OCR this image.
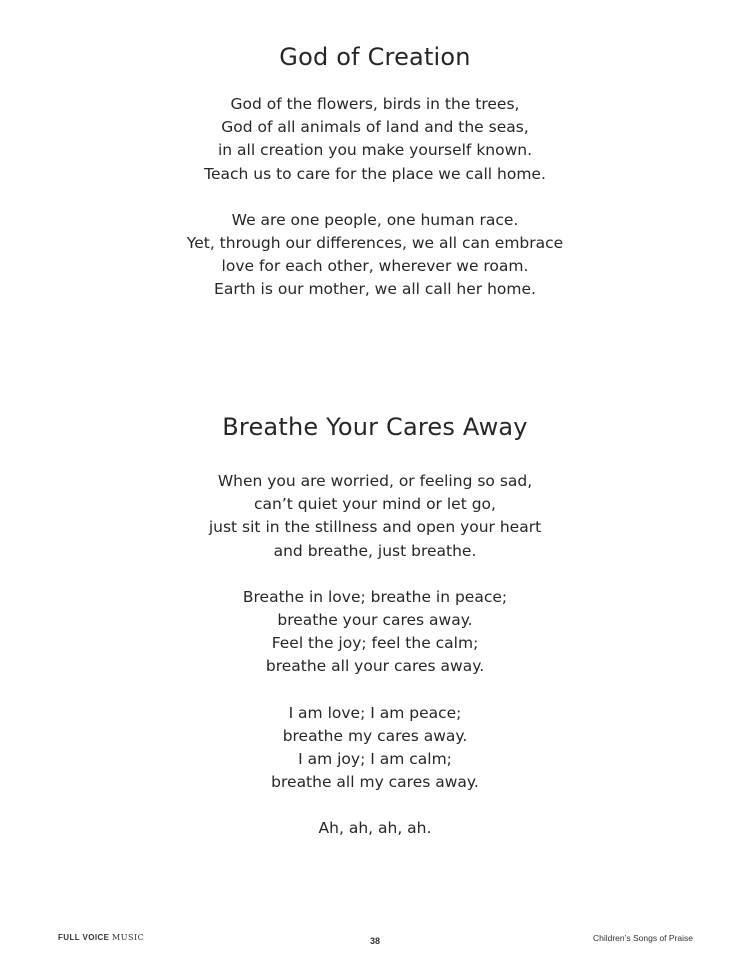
God of Creation
God of the flowers, birds in the trees,
God of all animals of land and the seas,
in all creation you make yourself known.
Teach us to care for the place we call home.
We are one people, one human race.
Yet, through our differences, we all can embrace
love for each other, wherever we roam.
Earth is our mother, we all call her home.
Breathe Your Cares Away
When you are worried, or feeling so sad,
can’t quiet your mind or let go,
just sit in the stillness and open your heart
and breathe, just breathe.
Breathe in love; breathe in peace;
breathe your cares away.
Feel the joy; feel the calm;
breathe all your cares away.
I am love; I am peace;
breathe my cares away.
I am joy; I am calm;
breathe all my cares away.
Ah, ah, ah, ah.
FULL VOICE MUSIC	38	Children’s Songs of Praise
